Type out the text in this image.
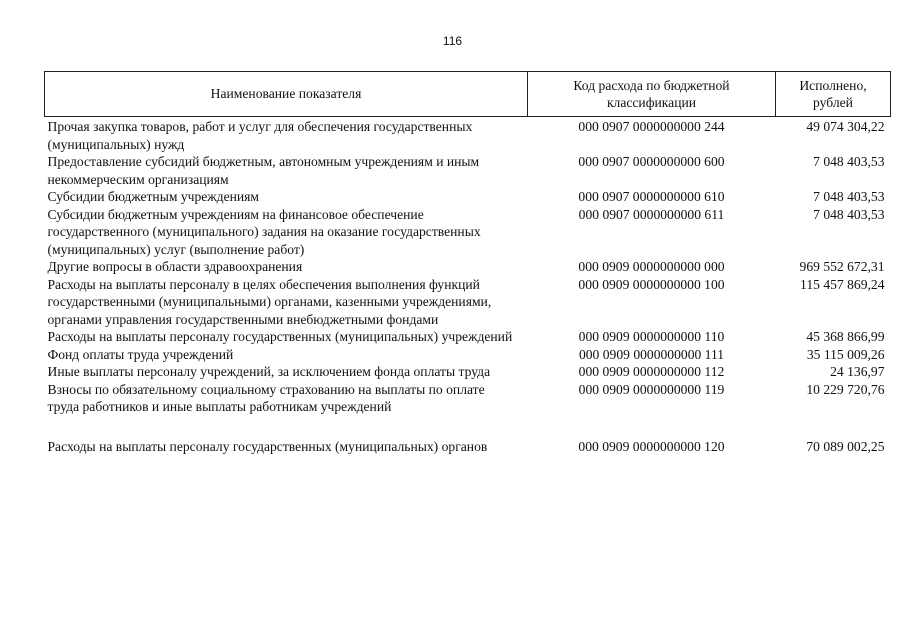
116
Наименование показателя	Код расхода по бюджетной классификации	Исполнено, рублей
Прочая закупка товаров, работ и услуг для обеспечения государственных (муниципальных) нужд	000 0907 0000000000 244	49 074 304,22
Предоставление субсидий бюджетным, автономным учреждениям и иным некоммерческим организациям	000 0907 0000000000 600	7 048 403,53
Субсидии бюджетным учреждениям	000 0907 0000000000 610	7 048 403,53
Субсидии бюджетным учреждениям на финансовое обеспечение государственного (муниципального) задания на оказание государственных (муниципальных) услуг (выполнение работ)	000 0907 0000000000 611	7 048 403,53
Другие вопросы в области здравоохранения	000 0909 0000000000 000	969 552 672,31
Расходы на выплаты персоналу в целях обеспечения выполнения функций государственными (муниципальными) органами, казенными учреждениями, органами управления государственными внебюджетными фондами	000 0909 0000000000 100	115 457 869,24
Расходы на выплаты персоналу государственных (муниципальных) учреждений	000 0909 0000000000 110	45 368 866,99
Фонд оплаты труда учреждений	000 0909 0000000000 111	35 115 009,26
Иные выплаты персоналу учреждений, за исключением фонда оплаты труда	000 0909 0000000000 112	24 136,97
Взносы по обязательному социальному страхованию на выплаты по оплате труда работников и иные выплаты работникам учреждений	000 0909 0000000000 119	10 229 720,76
Расходы на выплаты персоналу государственных (муниципальных) органов	000 0909 0000000000 120	70 089 002,25
